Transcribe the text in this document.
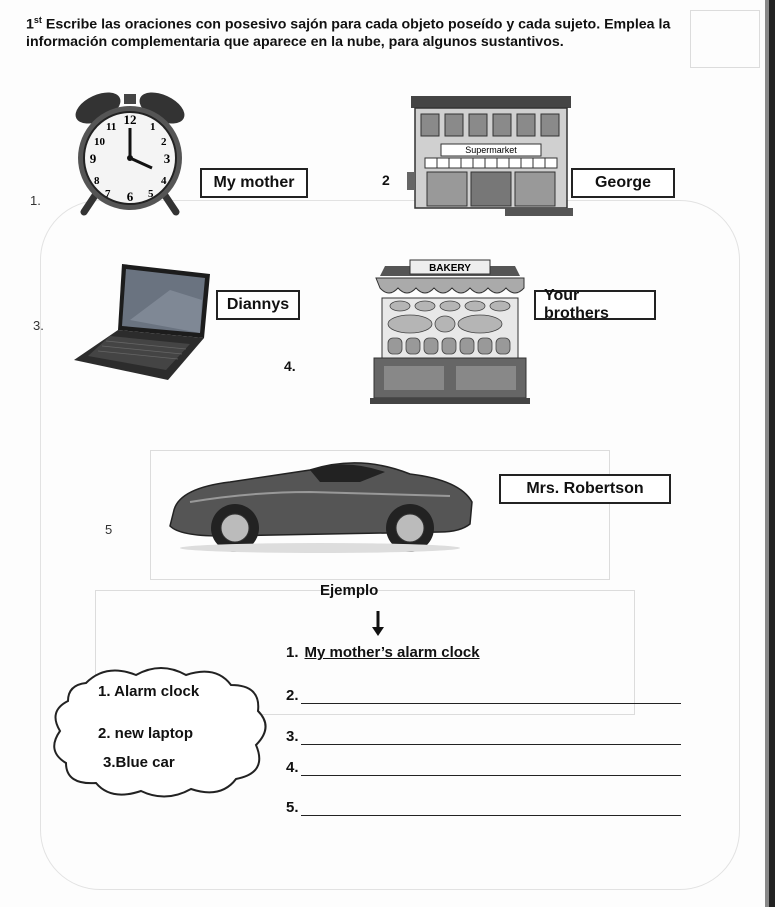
1st Escribe las oraciones con posesivo sajón para cada objeto poseído y cada sujeto. Emplea la información complementaria que aparece en la nube, para algunos sustantivos.
12
3
6
9
1
2
4
5
7
8
10
11
1.
My mother
Supermarket
2	George
3.
Diannys
BAKERY
4.
Your brothers
5
Mrs. Robertson
Ejemplo
1. My mother’s alarm clock
2.
3.
4.
5.
1. Alarm clock
2. new laptop
3.Blue car
